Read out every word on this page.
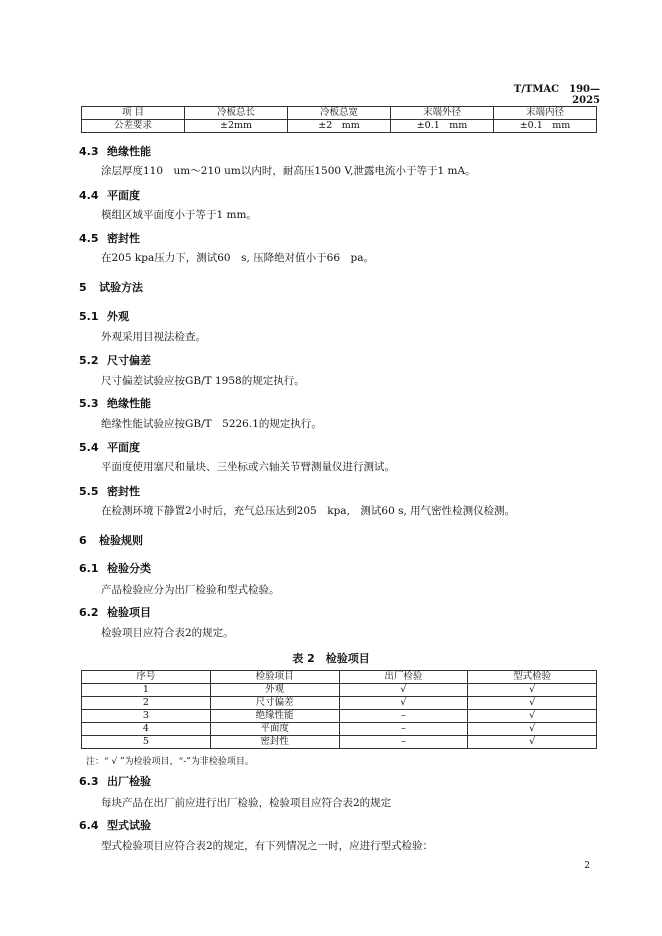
T/TMAC　190—2025
项 目	冷板总长	冷板总宽	末端外径	末端内径
公差要求	±2mm	±2　mm	±0.1　mm	±0.1　mm
4.3 绝缘性能
涂层厚度110　um～210 um以内时，耐高压1500 V,泄露电流小于等于1 mA。
4.4 平面度
模组区域平面度小于等于1 mm。
4.5 密封性
在205 kpa压力下，测试60　s, 压降绝对值小于66　pa。
5 试验方法
5.1 外观
外观采用目视法检查。
5.2 尺寸偏差
尺寸偏差试验应按GB/T 1958的规定执行。
5.3 绝缘性能
绝缘性能试验应按GB/T　5226.1的规定执行。
5.4 平面度
平面度使用塞尺和量块、三坐标或六轴关节臂测量仪进行测试。
5.5 密封性
在检测环境下静置2小时后，充气总压达到205　kpa,　测试60 s, 用气密性检测仪检测。
6 检验规则
6.1 检验分类
产品检验应分为出厂检验和型式检验。
6.2 检验项目
检验项目应符合表2的规定。
表 2　检验项目
序号	检验项目	出厂检验	型式检验
1	外观	√	√
2	尺寸偏差	√	√
3	绝缘性能	–	√
4	平面度	–	√
5	密封性	–	√
注：“ √ ”为检验项目，“-”为非检验项目。
6.3 出厂检验
每块产品在出厂前应进行出厂检验，检验项目应符合表2的规定
6.4 型式试验
型式检验项目应符合表2的规定，有下列情况之一时，应进行型式检验：
2
